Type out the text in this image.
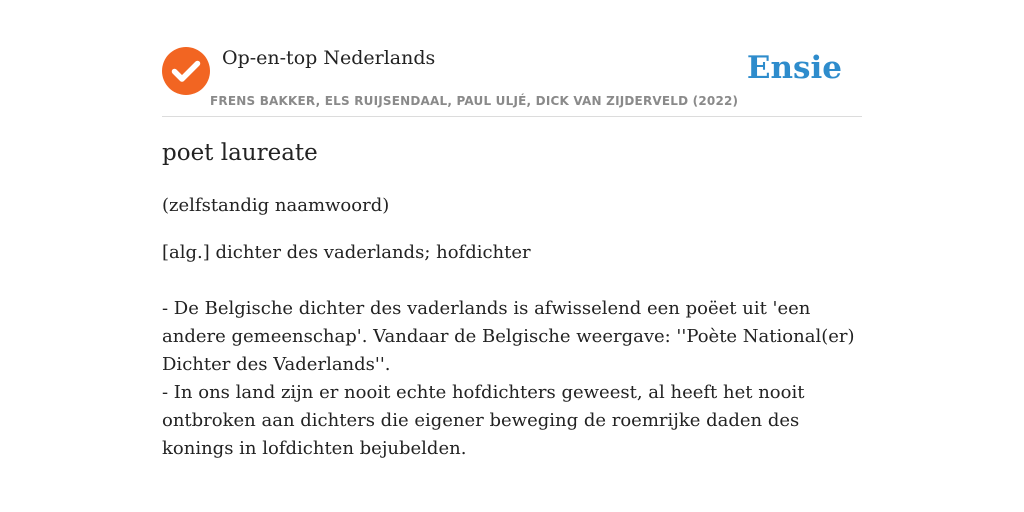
Op-en-top Nederlands
FRENS BAKKER, ELS RUIJSENDAAL, PAUL ULJÉ, DICK VAN ZIJDERVELD (2022)
Ensie
poet laureate
(zelfstandig naamwoord)
[alg.] dichter des vaderlands; hofdichter

- De Belgische dichter des vaderlands is afwisselend een poëet uit 'een andere gemeenschap'. Vandaar de Belgische weergave: ''Poète National(er) Dichter des Vaderlands''.

- In ons land zijn er nooit echte hofdichters geweest, al heeft het nooit ontbroken aan dichters die eigener beweging de roemrijke daden des konings in lofdichten bejubelden.
